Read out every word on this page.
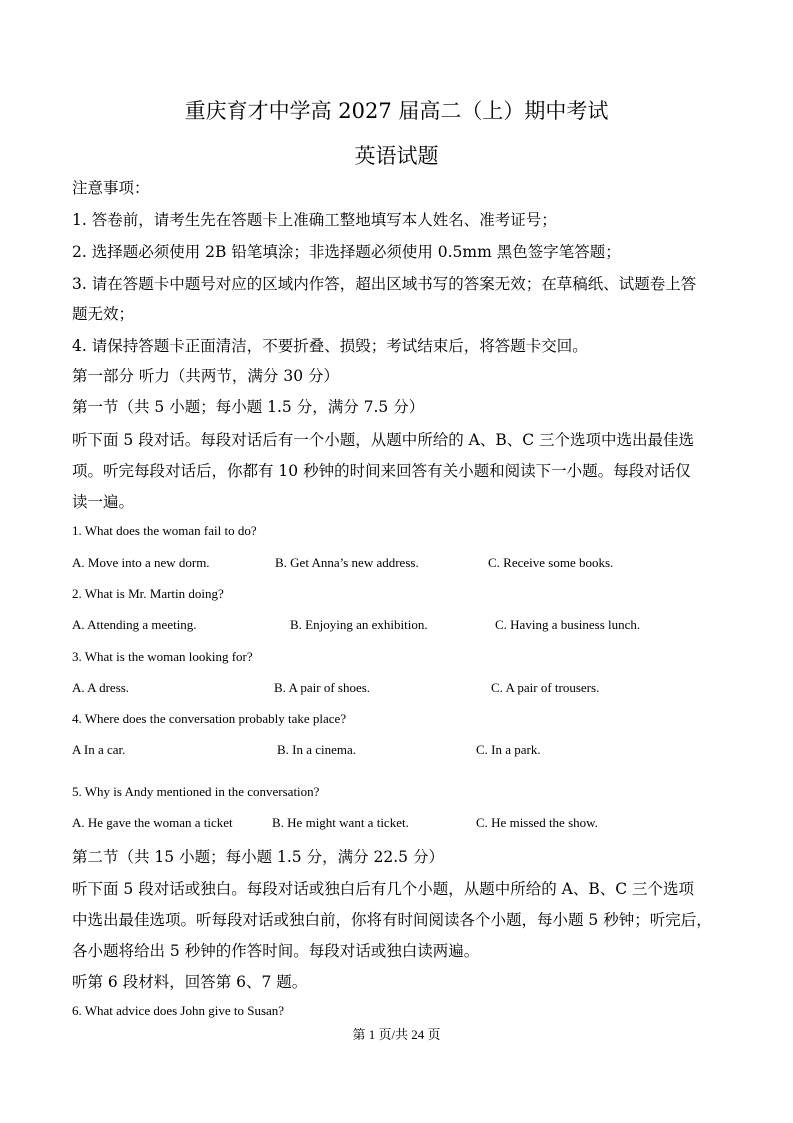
重庆育才中学高 2027 届高二（上）期中考试
英语试题
注意事项：
1. 答卷前，请考生先在答题卡上准确工整地填写本人姓名、准考证号；
2. 选择题必须使用 2B 铅笔填涂；非选择题必须使用 0.5mm 黑色签字笔答题；
3. 请在答题卡中题号对应的区域内作答，超出区域书写的答案无效；在草稿纸、试题卷上答
题无效；
4. 请保持答题卡正面清洁，不要折叠、损毁；考试结束后，将答题卡交回。
第一部分 听力（共两节，满分 30 分）
第一节（共 5 小题；每小题 1.5 分，满分 7.5 分）
听下面 5 段对话。每段对话后有一个小题，从题中所给的 A、B、C 三个选项中选出最佳选
项。听完每段对话后，你都有 10 秒钟的时间来回答有关小题和阅读下一小题。每段对话仅
读一遍。
1. What does the woman fail to do?
A. Move into a new dorm.	B. Get Anna’s new address.	C. Receive some books.
2. What is Mr. Martin doing?
A. Attending a meeting.	B. Enjoying an exhibition.	C. Having a business lunch.
3. What is the woman looking for?
A. A dress.	B. A pair of shoes.	C. A pair of trousers.
4. Where does the conversation probably take place?
A In a car.	B. In a cinema.	C. In a park.
5. Why is Andy mentioned in the conversation?
A. He gave the woman a ticket	B. He might want a ticket.	C. He missed the show.
第二节（共 15 小题；每小题 1.5 分，满分 22.5 分）
听下面 5 段对话或独白。每段对话或独白后有几个小题，从题中所给的 A、B、C 三个选项
中选出最佳选项。听每段对话或独白前，你将有时间阅读各个小题，每小题 5 秒钟；听完后，
各小题将给出 5 秒钟的作答时间。每段对话或独白读两遍。
听第 6 段材料，回答第 6、7 题。
6. What advice does John give to Susan?
第 1 页/共 24 页
